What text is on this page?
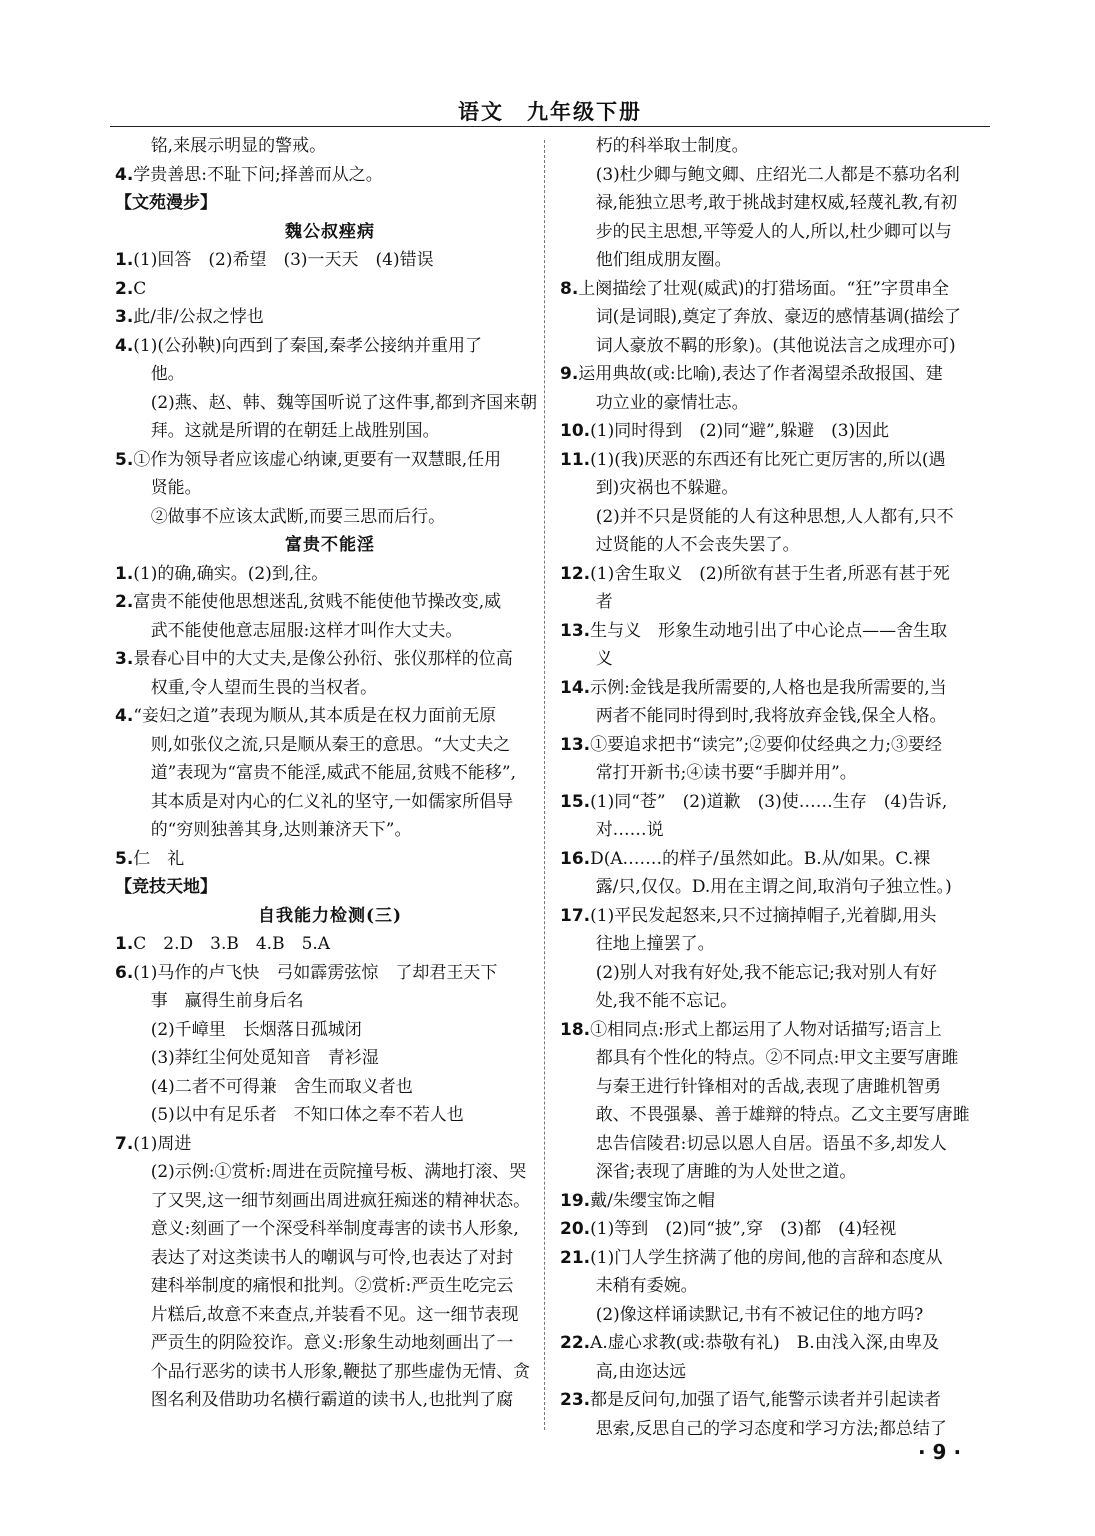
语文　九年级下册
铭,来展示明显的警戒。
4.学贵善思:不耻下问;择善而从之。
【文苑漫步】
魏公叔痤病
1.(1)回答　(2)希望　(3)一天天　(4)错误
2.C
3.此/非/公叔之悖也
4.(1)(公孙鞅)向西到了秦国,秦孝公接纳并重用了
他。
(2)燕、赵、韩、魏等国听说了这件事,都到齐国来朝
拜。这就是所谓的在朝廷上战胜别国。
5.①作为领导者应该虚心纳谏,更要有一双慧眼,任用
贤能。
②做事不应该太武断,而要三思而后行。
富贵不能淫
1.(1)的确,确实。(2)到,往。
2.富贵不能使他思想迷乱,贫贱不能使他节操改变,威
武不能使他意志屈服:这样才叫作大丈夫。
3.景春心目中的大丈夫,是像公孙衍、张仪那样的位高
权重,令人望而生畏的当权者。
4.“妾妇之道”表现为顺从,其本质是在权力面前无原
则,如张仪之流,只是顺从秦王的意思。“大丈夫之
道”表现为“富贵不能淫,威武不能屈,贫贱不能移”,
其本质是对内心的仁义礼的坚守,一如儒家所倡导
的“穷则独善其身,达则兼济天下”。
5.仁　礼
【竞技天地】
自我能力检测(三)
1.C　2.D　3.B　4.B　5.A
6.(1)马作的卢飞快　弓如霹雳弦惊　了却君王天下
事　赢得生前身后名
(2)千嶂里　长烟落日孤城闭
(3)莽红尘何处觅知音　青衫湿
(4)二者不可得兼　舍生而取义者也
(5)以中有足乐者　不知口体之奉不若人也
7.(1)周进
(2)示例:①赏析:周进在贡院撞号板、满地打滚、哭
了又哭,这一细节刻画出周进疯狂痴迷的精神状态。
意义:刻画了一个深受科举制度毒害的读书人形象,
表达了对这类读书人的嘲讽与可怜,也表达了对封
建科举制度的痛恨和批判。②赏析:严贡生吃完云
片糕后,故意不来查点,并装看不见。这一细节表现
严贡生的阴险狡诈。意义:形象生动地刻画出了一
个品行恶劣的读书人形象,鞭挞了那些虚伪无情、贪
图名利及借助功名横行霸道的读书人,也批判了腐
朽的科举取士制度。
(3)杜少卿与鲍文卿、庄绍光二人都是不慕功名利
禄,能独立思考,敢于挑战封建权威,轻蔑礼教,有初
步的民主思想,平等爱人的人,所以,杜少卿可以与
他们组成朋友圈。
8.上阕描绘了壮观(威武)的打猎场面。“狂”字贯串全
词(是词眼),奠定了奔放、豪迈的感情基调(描绘了
词人豪放不羁的形象)。(其他说法言之成理亦可)
9.运用典故(或:比喻),表达了作者渴望杀敌报国、建
功立业的豪情壮志。
10.(1)同时得到　(2)同“避”,躲避　(3)因此
11.(1)(我)厌恶的东西还有比死亡更厉害的,所以(遇
到)灾祸也不躲避。
(2)并不只是贤能的人有这种思想,人人都有,只不
过贤能的人不会丧失罢了。
12.(1)舍生取义　(2)所欲有甚于生者,所恶有甚于死
者
13.生与义　形象生动地引出了中心论点——舍生取
义
14.示例:金钱是我所需要的,人格也是我所需要的,当
两者不能同时得到时,我将放弃金钱,保全人格。
13.①要追求把书“读完”;②要仰仗经典之力;③要经
常打开新书;④读书要“手脚并用”。
15.(1)同“苍”　(2)道歉　(3)使……生存　(4)告诉,
对……说
16.D(A.……的样子/虽然如此。B.从/如果。C.裸
露/只,仅仅。D.用在主谓之间,取消句子独立性。)
17.(1)平民发起怒来,只不过摘掉帽子,光着脚,用头
往地上撞罢了。
(2)别人对我有好处,我不能忘记;我对别人有好
处,我不能不忘记。
18.①相同点:形式上都运用了人物对话描写;语言上
都具有个性化的特点。②不同点:甲文主要写唐雎
与秦王进行针锋相对的舌战,表现了唐雎机智勇
敢、不畏强暴、善于雄辩的特点。乙文主要写唐雎
忠告信陵君:切忌以恩人自居。语虽不多,却发人
深省;表现了唐雎的为人处世之道。
19.戴/朱缨宝饰之帽
20.(1)等到　(2)同“披”,穿　(3)都　(4)轻视
21.(1)门人学生挤满了他的房间,他的言辞和态度从
未稍有委婉。
(2)像这样诵读默记,书有不被记住的地方吗?
22.A.虚心求教(或:恭敬有礼)　B.由浅入深,由卑及
高,由迩达远
23.都是反问句,加强了语气,能警示读者并引起读者
思索,反思自己的学习态度和学习方法;都总结了
· 9 ·
